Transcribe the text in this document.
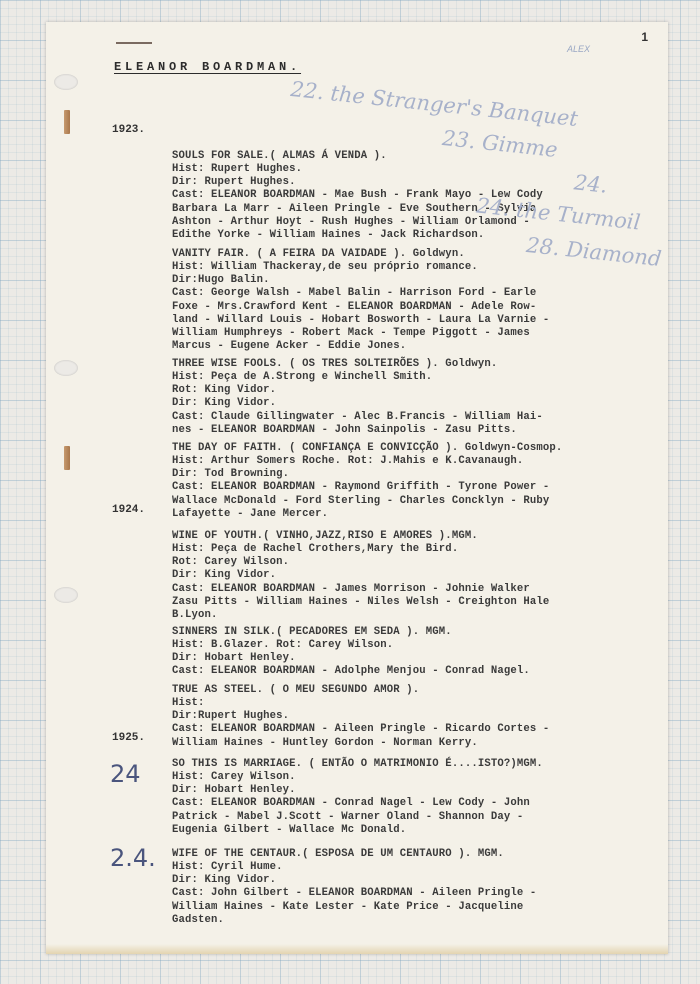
1
ALEX
ELEANOR BOARDMAN.
1923.
1924.
1925.

SOULS FOR SALE.( ALMAS Á VENDA ).
Hist: Rupert Hughes.
Dir: Rupert Hughes.
Cast: ELEANOR BOARDMAN - Mae Bush - Frank Mayo - Lew Cody
Barbara La Marr - Aileen Pringle - Eve Southern - Sylvia
Ashton - Arthur Hoyt - Rush Hughes - William Orlamond -
Edithe Yorke - William Haines - Jack Richardson.

VANITY FAIR. ( A FEIRA DA VAIDADE ). Goldwyn.
Hist: William Thackeray,de seu próprio romance.
Dir:Hugo Balin.
Cast: George Walsh - Mabel Balin - Harrison Ford - Earle
Foxe - Mrs.Crawford Kent - ELEANOR BOARDMAN - Adele Row-
land - Willard Louis - Hobart Bosworth - Laura La Varnie -
William Humphreys - Robert Mack - Tempe Piggott - James
Marcus - Eugene Acker - Eddie Jones.

THREE WISE FOOLS. ( OS TRES SOLTEIRÕES ). Goldwyn.
Hist: Peça de A.Strong e Winchell Smith.
Rot: King Vidor.
Dir: King Vidor.
Cast: Claude Gillingwater - Alec B.Francis - William Hai-
nes - ELEANOR BOARDMAN - John Sainpolis - Zasu Pitts.

THE DAY OF FAITH. ( CONFIANÇA E CONVICÇÃO ). Goldwyn-Cosmop.
Hist: Arthur Somers Roche. Rot: J.Mahis e K.Cavanaugh.
Dir: Tod Browning.
Cast: ELEANOR BOARDMAN - Raymond Griffith - Tyrone Power -
Wallace McDonald - Ford Sterling - Charles Concklyn - Ruby
Lafayette - Jane Mercer.

WINE OF YOUTH.( VINHO,JAZZ,RISO E AMORES ).MGM.
Hist: Peça de Rachel Crothers,Mary the Bird.
Rot: Carey Wilson.
Dir: King Vidor.
Cast: ELEANOR BOARDMAN - James Morrison - Johnie Walker
Zasu Pitts - William Haines - Niles Welsh - Creighton Hale
B.Lyon.

SINNERS IN SILK.( PECADORES EM SEDA ). MGM.
Hist: B.Glazer. Rot: Carey Wilson.
Dir: Hobart Henley.
Cast: ELEANOR BOARDMAN - Adolphe Menjou - Conrad Nagel.

TRUE AS STEEL. ( O MEU SEGUNDO AMOR ).
Hist:
Dir:Rupert Hughes.
Cast: ELEANOR BOARDMAN - Aileen Pringle - Ricardo Cortes -
William Haines - Huntley Gordon - Norman Kerry.

SO THIS IS MARRIAGE. ( ENTÃO O MATRIMONIO É....ISTO?)MGM.
Hist: Carey Wilson.
Dir: Hobart Henley.
Cast: ELEANOR BOARDMAN - Conrad Nagel - Lew Cody - John
Patrick - Mabel J.Scott - Warner Oland - Shannon Day -
Eugenia Gilbert - Wallace Mc Donald.

WIFE OF THE CENTAUR.( ESPOSA DE UM CENTAURO ). MGM.
Hist: Cyril Hume.
Dir: King Vidor.
Cast: John Gilbert - ELEANOR BOARDMAN - Aileen Pringle -
William Haines - Kate Lester - Kate Price - Jacqueline
Gadsten.

22. the Stranger's Banquet
23. Gimme
24.
24. the Turmoil
28. Diamond
24
2.4.
